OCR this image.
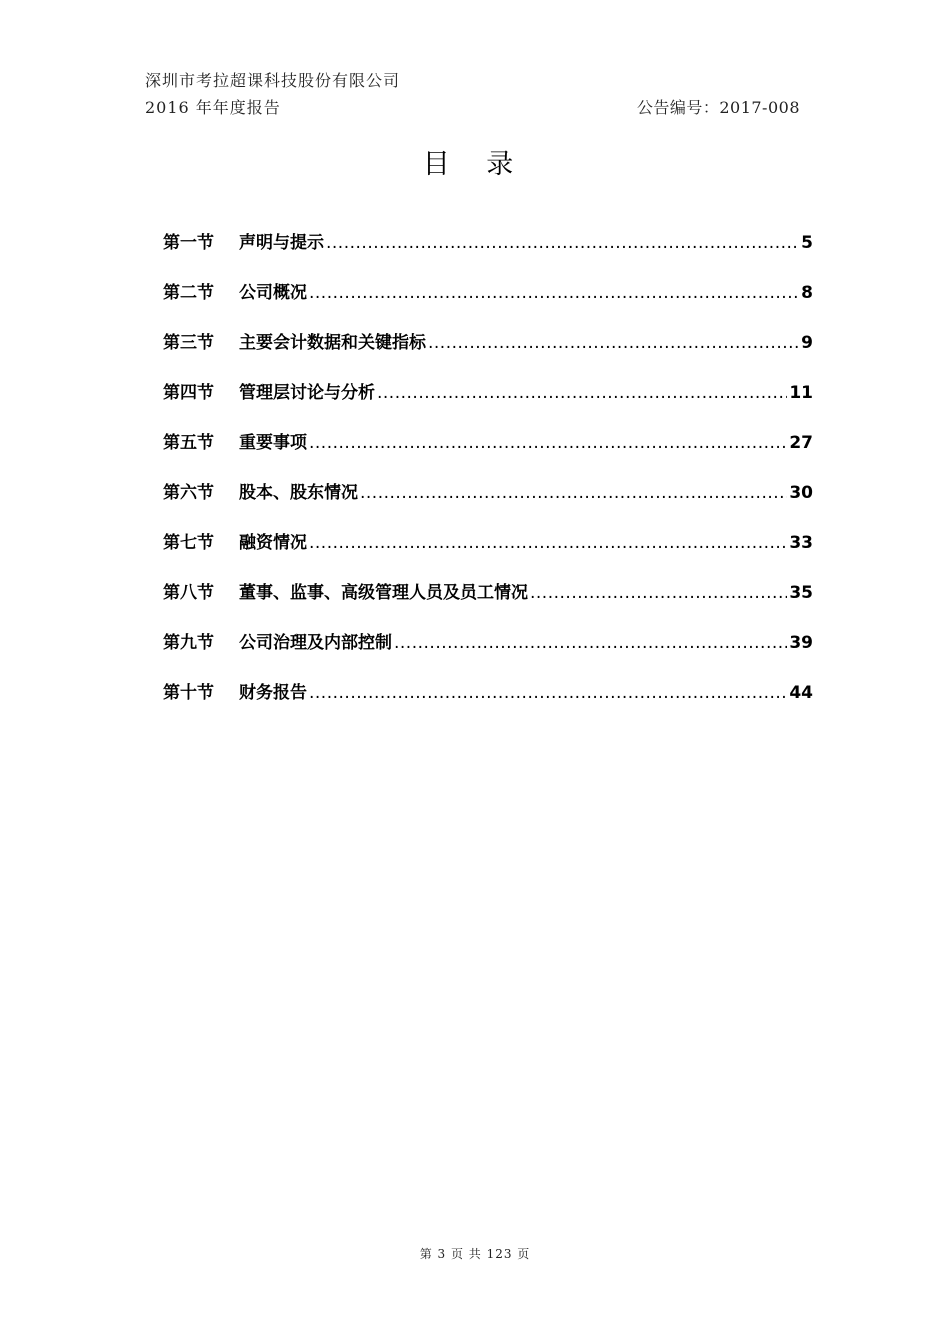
深圳市考拉超课科技股份有限公司
2016 年年度报告	公告编号：2017-008
目 录
第一节	声明与提示 .....	5
第二节	公司概况 .....	8
第三节	主要会计数据和关键指标 .....	9
第四节	管理层讨论与分析 .....	11
第五节	重要事项 .....	27
第六节	股本、股东情况 .....	30
第七节	融资情况 .....	33
第八节	董事、监事、高级管理人员及员工情况 .....	35
第九节	公司治理及内部控制 .....	39
第十节	财务报告 .....	44
第 3 页 共 123 页
